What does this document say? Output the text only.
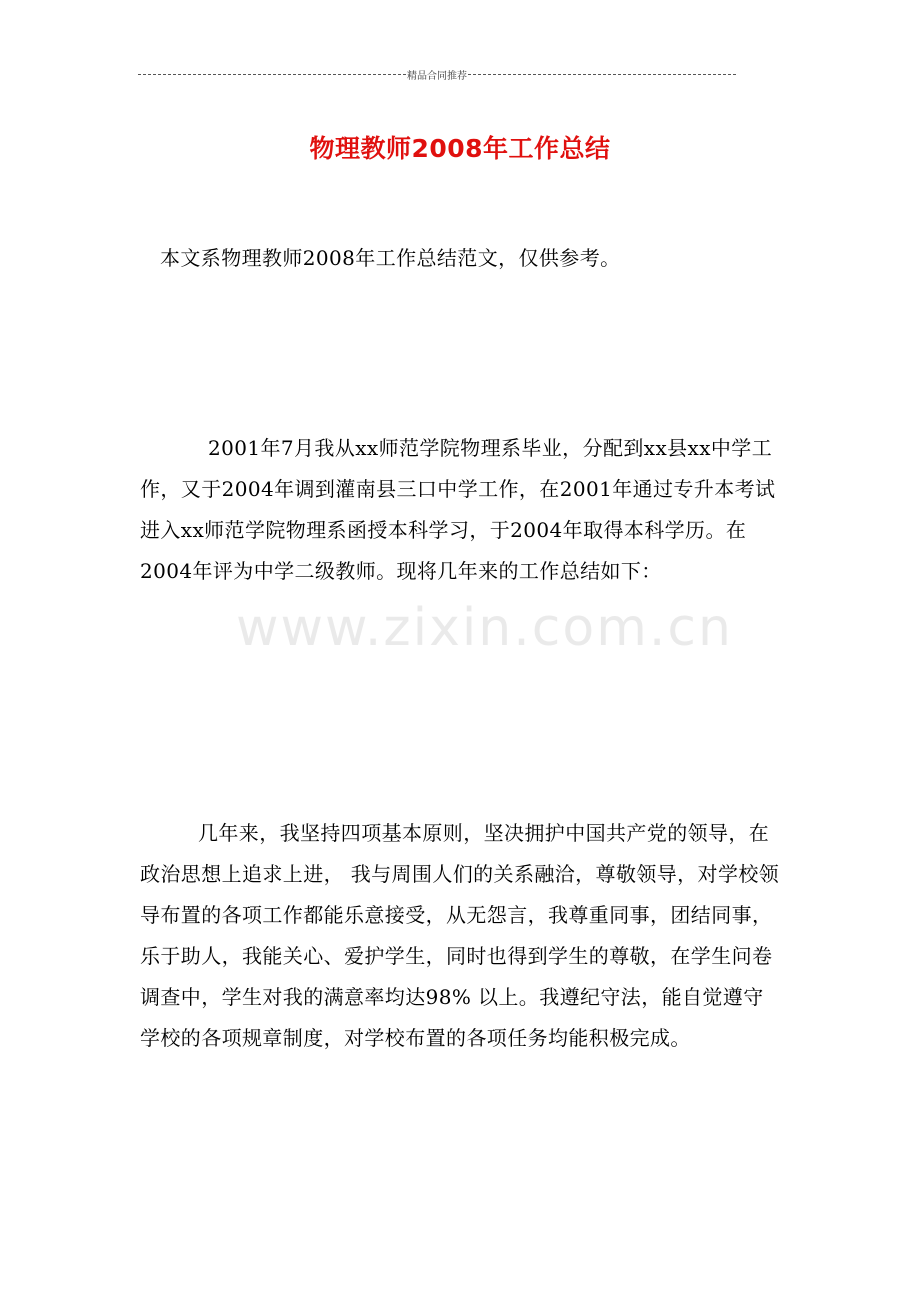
精品合同推荐
物理教师2008年工作总结

本文系物理教师2008年工作总结范文，仅供参考。

2001年7月我从xx师范学院物理系毕业，分配到xx县xx中学工作，又于2004年调到灌南县三口中学工作，在2001年通过专升本考试进入xx师范学院物理系函授本科学习，于2004年取得本科学历。在2004年评为中学二级教师。现将几年来的工作总结如下：

www.zixin.com.cn

几年来，我坚持四项基本原则，坚决拥护中国共产党的领导，在政治思想上追求上进， 我与周围人们的关系融洽，尊敬领导，对学校领导布置的各项工作都能乐意接受，从无怨言，我尊重同事，团结同事，乐于助人，我能关心、爱护学生，同时也得到学生的尊敬，在学生问卷调查中，学生对我的满意率均达98% 以上。我遵纪守法，能自觉遵守学校的各项规章制度，对学校布置的各项任务均能积极完成。
